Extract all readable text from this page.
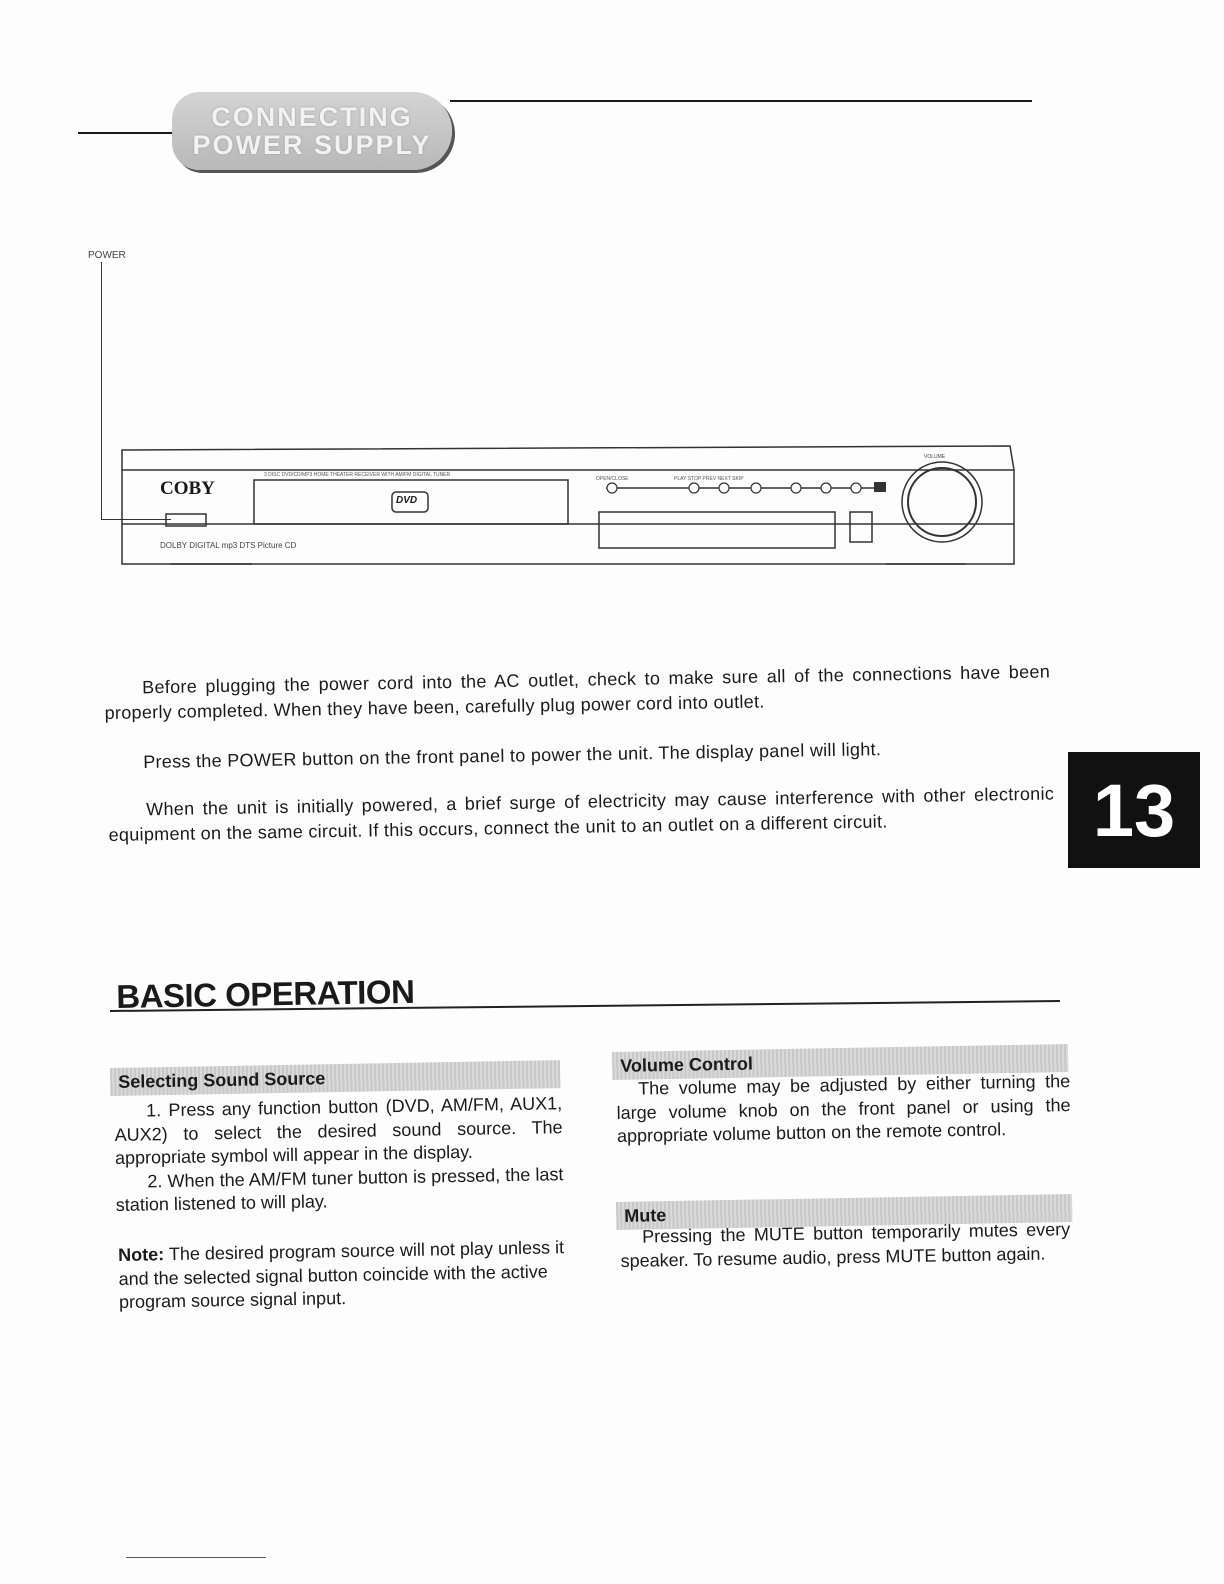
CONNECTING
POWER SUPPLY
POWER
3 DISC DVD/CD/MP3 HOME THEATER RECEIVER WITH AM/FM DIGITAL TUNER
OPEN/CLOSE	PLAY STOP PREV NEXT SKIP
DOLBY DIGITAL mp3 DTS Picture CD
COBY
DVD
VOLUME
Before plugging the power cord into the AC outlet, check to make sure all of the connections have been properly completed. When they have been, carefully plug power cord into outlet.
Press the POWER button on the front panel to power the unit. The display panel will light.
When the unit is initially powered, a brief surge of electricity may cause interference with other electronic equipment on the same circuit. If this occurs, connect the unit to an outlet on a different circuit.	13
BASIC OPERATION
Selecting Sound Source

1. Press any function button (DVD, AM/FM, AUX1, AUX2) to select the desired sound source. The appropriate symbol will appear in the display.

2. When the AM/FM tuner button is pressed, the last station listened to will play.

Note: The desired program source will not play unless it and the selected signal button coincide with the active program source signal input.
Volume Control
The volume may be adjusted by either turning the large volume knob on the front panel or using the appropriate volume button on the remote control.
Mute
Pressing the MUTE button temporarily mutes every speaker. To resume audio, press MUTE button again.
